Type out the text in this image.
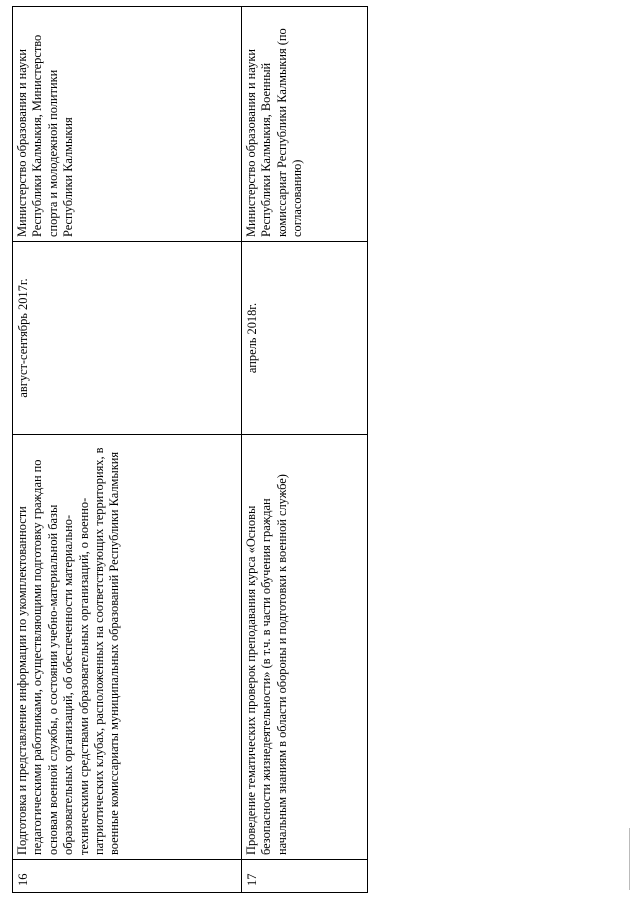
16	Подготовка и представление информации по укомплектованности педагогическими работниками, осуществляющими подготовку граждан по основам военной службы, о состоянии учебно-материальной базы образовательных организаций, об обеспеченности материально- техническими средствами образовательных организаций, о военно-патриотических клубах, расположенных на соответствующих территориях, в военные комиссариаты муниципальных образований Республики Калмыкия	август-сентябрь 2017г.	Министерство образования и науки Республики Калмыкия, Министерство спорта и молодежной политики Республики Калмыкия
17	Проведение тематических проверок преподавания курса «Основы безопасности жизнедеятельности» (в т.ч. в части обучения граждан начальным знаниям в области обороны и подготовки к военной службе)	апрель 2018г.	Министерство образования и науки Республики Калмыкия, Военный комиссариат Республики Калмыкия (по согласованию)
